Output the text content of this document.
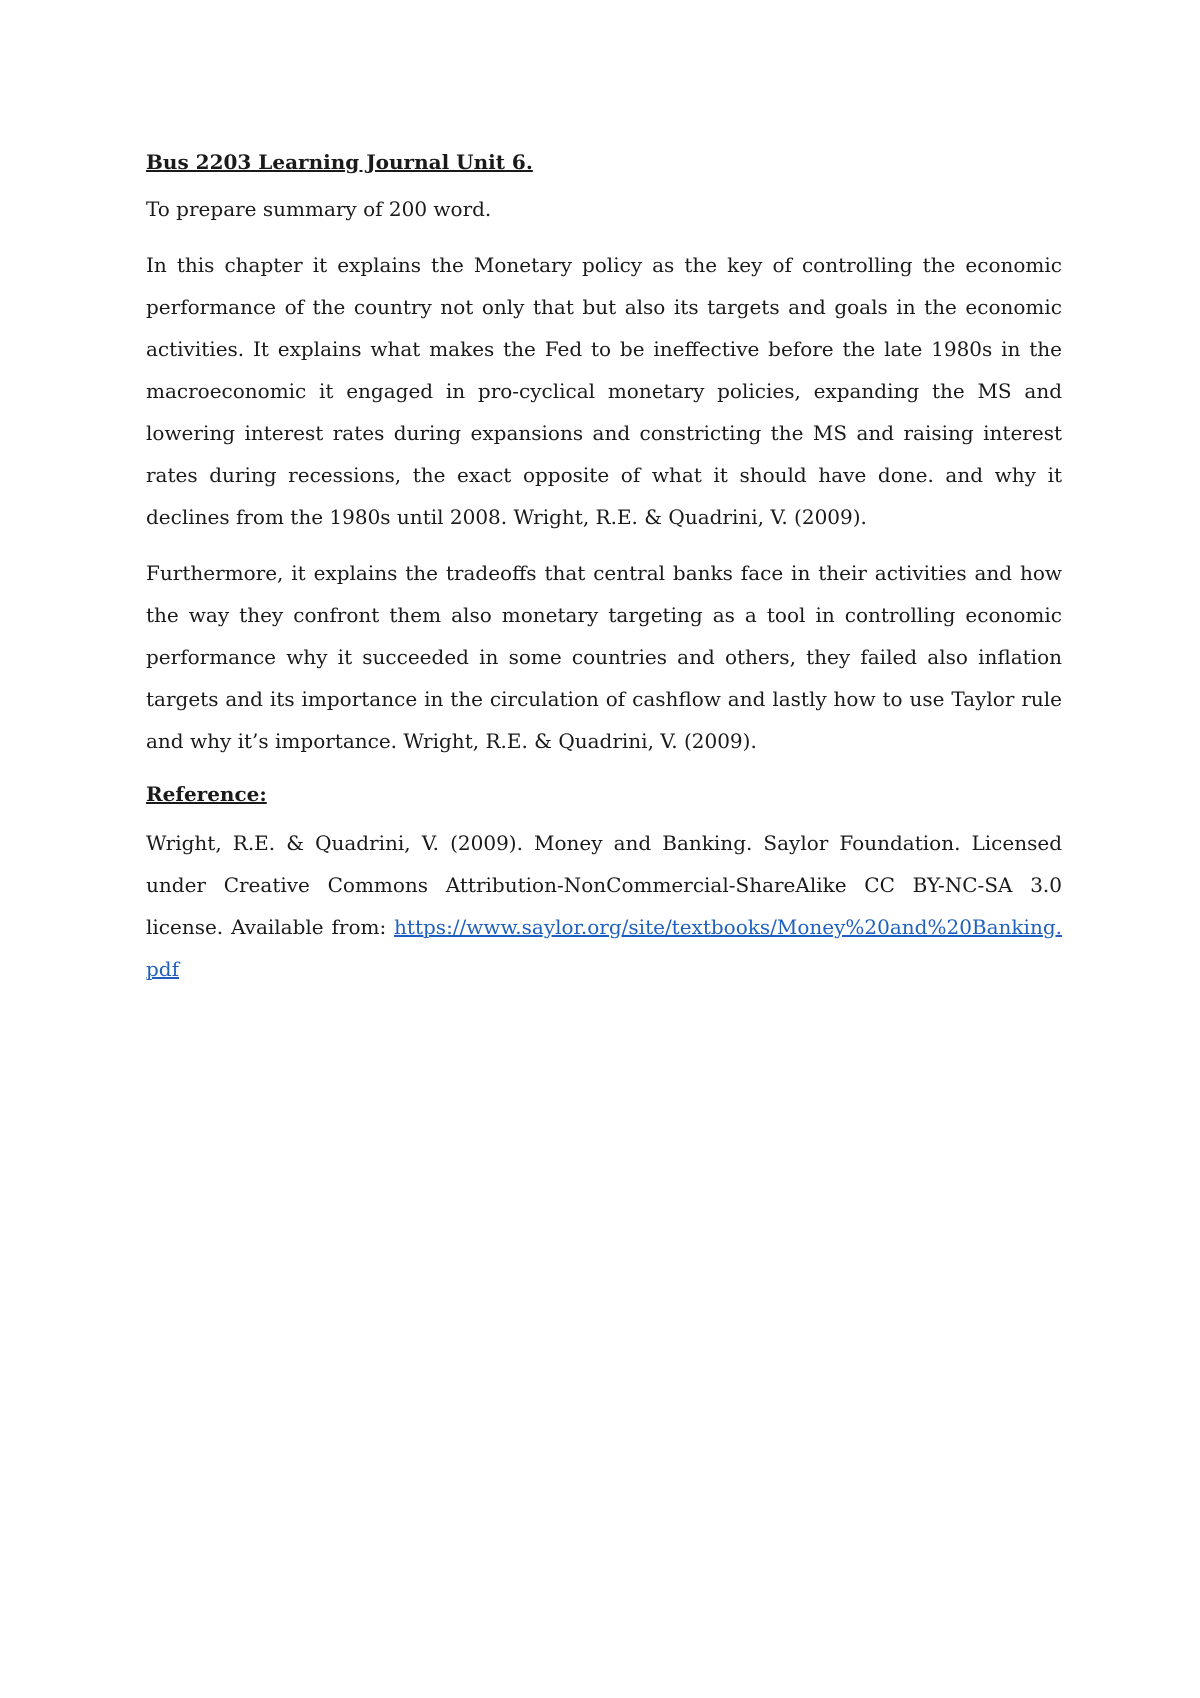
Bus 2203 Learning Journal Unit 6.
To prepare summary of 200 word.
In this chapter it explains the Monetary policy as the key of controlling the economic performance of the country not only that but also its targets and goals in the economic activities. It explains what makes the Fed to be ineffective before the late 1980s in the macroeconomic it engaged in pro-cyclical monetary policies, expanding the MS and lowering interest rates during expansions and constricting the MS and raising interest rates during recessions, the exact opposite of what it should have done. and why it declines from the 1980s until 2008. Wright, R.E. & Quadrini, V. (2009).
Furthermore, it explains the tradeoffs that central banks face in their activities and how the way they confront them also monetary targeting as a tool in controlling economic performance why it succeeded in some countries and others, they failed also inflation targets and its importance in the circulation of cashflow and lastly how to use Taylor rule and why it’s importance. Wright, R.E. & Quadrini, V. (2009).
Reference:
Wright, R.E. & Quadrini, V. (2009). Money and Banking. Saylor Foundation. Licensed under Creative Commons Attribution-NonCommercial-ShareAlike CC BY-NC-SA 3.0 license. Available from: https://www.saylor.org/site/textbooks/Money%20and%20Banking.pdf
